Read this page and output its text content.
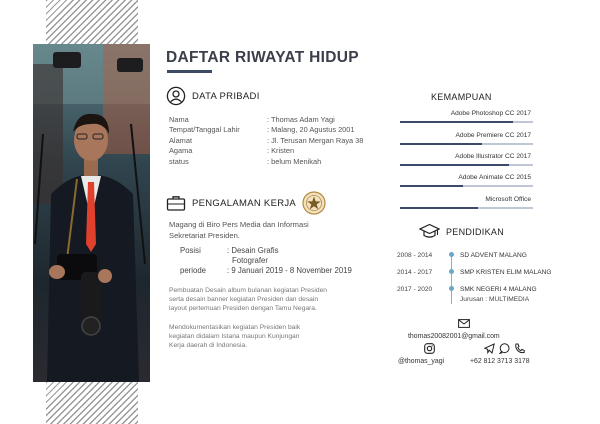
DAFTAR RIWAYAT HIDUP
DATA PRIBADI
Nama	: Thomas Adam Yagi
Tempat/Tanggal Lahir	: Malang, 20 Agustus 2001
Alamat	: Jl. Terusan Mergan Raya 38
Agama	: Kristen
status	: belum Menikah
PENGALAMAN KERJA
Magang di Biro Pers Media dan Informasi
Sekretariat Presiden.
Posisi	: Desain Grafis
Fotografer
periode	: 9 Januari 2019 - 8 November 2019
Pembuatan Desain album bulanan kegiatan Presiden
serta desain banner kegiatan Presiden dan desain
layout pertemuan Presiden dengan Tamu Negara.
Mendokumentasikan kegiatan Presiden baik
kegiatan didalam Istana maupun Kunjungan
Kerja daerah di Indonesia.
KEMAMPUAN
Adobe Photoshop CC 2017
Adobe Premiere CC 2017
Adobe Illustrator CC 2017
Adobe Animate CC 2015
Microsoft Office
PENDIDIKAN
2008 - 2014	SD ADVENT MALANG
2014 - 2017	SMP KRISTEN ELIM MALANG
2017 - 2020	SMK NEGERI 4 MALANG
Jurusan : MULTIMEDIA
thomas20082001@gmail.com
@thomas_yagi	+62 812 3713 3178
